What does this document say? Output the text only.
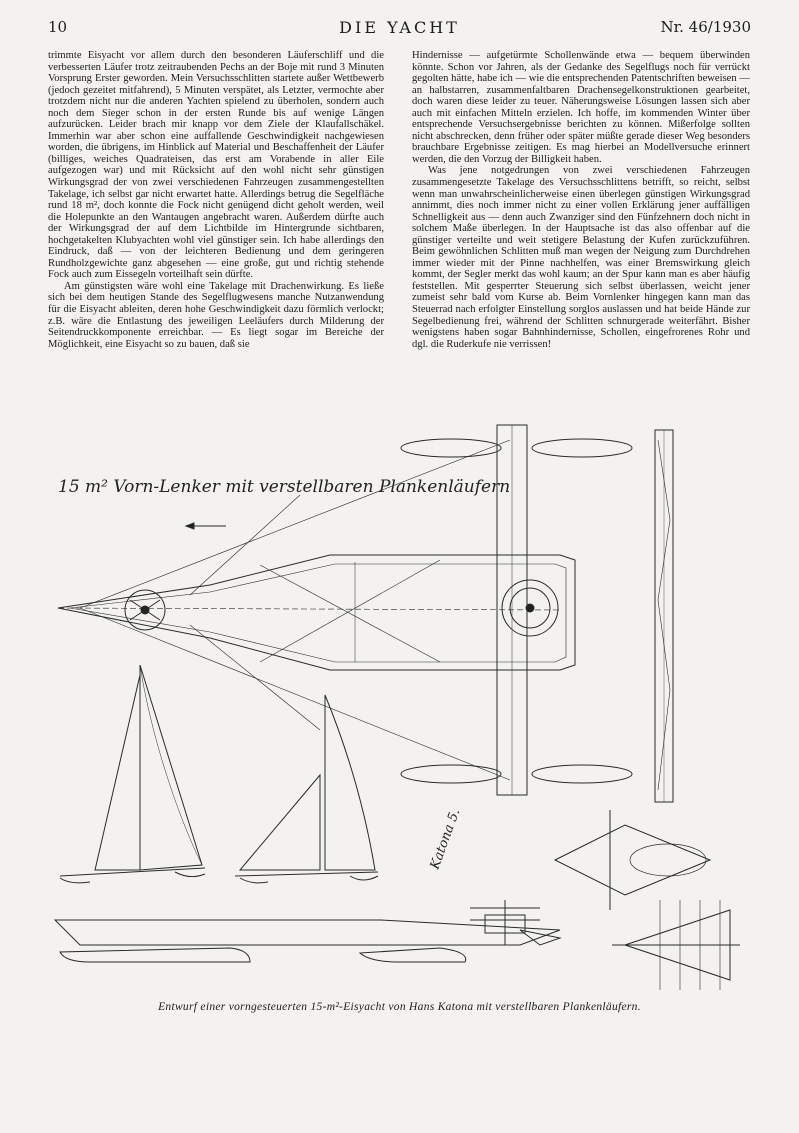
10	DIE YACHT	Nr. 46/1930

trimmte Eisyacht vor allem durch den besonderen Läuferschliff und die verbesserten Läufer trotz zeitraubenden Pechs an der Boje mit rund 3 Minuten Vorsprung Erster geworden. Mein Versuchsschlitten startete außer Wettbewerb (jedoch gezeitet mitfahrend), 5 Minuten verspätet, als Letzter, vermochte aber trotzdem nicht nur die anderen Yachten spielend zu überholen, sondern auch noch dem Sieger schon in der ersten Runde bis auf wenige Längen aufzurücken. Leider brach mir knapp vor dem Ziele der Klaufallschäkel. Immerhin war aber schon eine auffallende Geschwindigkeit nachgewiesen worden, die übrigens, im Hinblick auf Material und Beschaffenheit der Läufer (billiges, weiches Quadrateisen, das erst am Vorabende in aller Eile aufgezogen war) und mit Rücksicht auf den wohl nicht sehr günstigen Wirkungsgrad der von zwei verschiedenen Fahrzeugen zusammengestellten Takelage, ich selbst gar nicht erwartet hatte. Allerdings betrug die Segelfläche rund 18 m², doch konnte die Fock nicht genügend dicht geholt werden, weil die Holepunkte an den Wantaugen angebracht waren. Außerdem dürfte auch der Wirkungsgrad der auf dem Lichtbilde im Hintergrunde sichtbaren, hochgetakelten Klubyachten wohl viel günstiger sein. Ich habe allerdings den Eindruck, daß — von der leichteren Bedienung und dem geringeren Rundholzgewichte ganz abgesehen — eine große, gut und richtig stehende Fock auch zum Eissegeln vorteilhaft sein dürfte.

Am günstigsten wäre wohl eine Takelage mit Drachenwirkung. Es ließe sich bei dem heutigen Stande des Segelflugwesens manche Nutzanwendung für die Eisyacht ableiten, deren hohe Geschwindigkeit dazu förmlich verlockt; z.B. wäre die Entlastung des jeweiligen Leeläufers durch Milderung der Seitendruckkomponente erreichbar. — Es liegt sogar im Bereiche der Möglichkeit, eine Eisyacht so zu bauen, daß sie

Hindernisse — aufgetürmte Schollenwände etwa — bequem überwinden könnte. Schon vor Jahren, als der Gedanke des Segelflugs noch für verrückt gegolten hätte, habe ich — wie die entsprechenden Patentschriften beweisen — an halbstarren, zusammenfaltbaren Drachensegelkonstruktionen gearbeitet, doch waren diese leider zu teuer. Näherungsweise Lösungen lassen sich aber auch mit einfachen Mitteln erzielen. Ich hoffe, im kommenden Winter über entsprechende Versuchsergebnisse berichten zu können. Mißerfolge sollten nicht abschrecken, denn früher oder später müßte gerade dieser Weg besonders brauchbare Ergebnisse zeitigen. Es mag hierbei an Modellversuche erinnert werden, die den Vorzug der Billigkeit haben.

Was jene notgedrungen von zwei verschiedenen Fahrzeugen zusammengesetzte Takelage des Versuchsschlittens betrifft, so reicht, selbst wenn man unwahrscheinlicherweise einen überlegen günstigen Wirkungsgrad annimmt, dies noch immer nicht zu einer vollen Erklärung jener auffälligen Schnelligkeit aus — denn auch Zwanziger sind den Fünfzehnern doch nicht in solchem Maße überlegen. In der Hauptsache ist das also offenbar auf die günstiger verteilte und weit stetigere Belastung der Kufen zurückzuführen. Beim gewöhnlichen Schlitten muß man wegen der Neigung zum Durchdrehen immer wieder mit der Pinne nachhelfen, was einer Bremswirkung gleich kommt, der Segler merkt das wohl kaum; an der Spur kann man es aber häufig feststellen. Mit gesperrter Steuerung sich selbst überlassen, weicht jener zumeist sehr bald vom Kurse ab. Beim Vornlenker hingegen kann man das Steuerrad nach erfolgter Einstellung sorglos auslassen und hat beide Hände zur Segelbedienung frei, während der Schlitten schnurgerade weiterfährt. Bisher wenigstens haben sogar Bahnhindernisse, Schollen, eingefrorenes Rohr und dgl. die Ruderkufe nie verrissen!

15 m² Vorn-Lenker mit verstellbaren Plankenläufern
Katona 5.
Entwurf einer vorngesteuerten 15-m²-Eisyacht von Hans Katona mit verstellbaren Plankenläufern.
